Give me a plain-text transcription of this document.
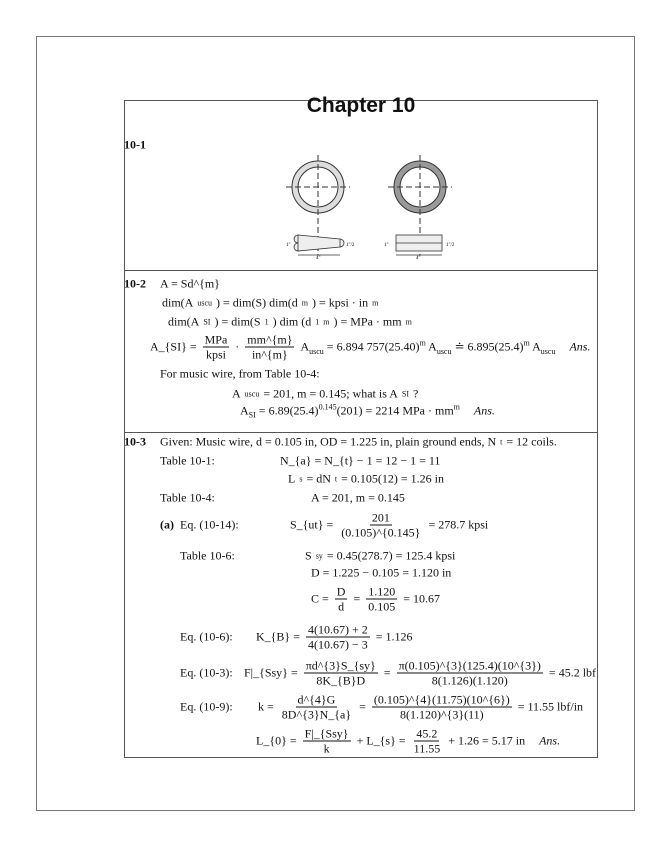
Chapter 10
10-1
1"	1"/2
4"
1"	1"/2
4"
10-2 A = Sd^{m}
dim(A uscu ) = dim(S) dim(d m ) = kpsi · in m
dim(A SI ) = dim(S 1 ) dim (d 1 m ) = MPa · mm m
A_{SI} = $\frac{\text{MPa}}{\text{kpsi}} \cdot \frac{mm\^{}\{m\}}{in\^{}\{m\}} A_{uscu} = 6.894$ $757(25.40)^m$ $A_{uscu}$ ≐ $6.895(25.4)^m$ $A_{uscu}$ Ans.
For music wire, from Table 10-4:
A uscu = 201, m = 0.145; what is A SI ?
$A_{SI} = 6.89(25.4)^{0.145}(201) = 2214$ MPa · $mm^m$ Ans.
10-3 Given: Music wire, d = 0.105 in, OD = 1.225 in, plain ground ends, N t = 12 coils.
Table 10-1:	N_{a} = N_{t} − 1 = 12 − 1 = 11
L s = dN t = 0.105(12) = 1.26 in
Table 10-4:	A = 201, m = 0.145
(a) Eq. (10-14):	S_{ut} = $\frac{201}{(0.105)\^{}\{0.145\}} = 278.7$ kpsi
Table 10-6:	S sy = 0.45(278.7) = 125.4 kpsi
D = 1.225 − 0.105 = 1.120 in
$C = \frac{D}{d} = \frac{1.120}{0.105} = 10.67$
Eq. (10-6): K_{B} = $\frac{4(10.67) + 2}{4(10.67) - 3} = 1.126$
Eq. (10-3): F|_{Ssy} = $\frac{\pi d\^{}\{3\}S\_\{sy\}}{8K\_\{B\}D} = \frac{\pi(0.105)\^{}\{3\}(125.4)(10\^{}\{3\})}{8(1.126)(1.120)} = 45.2$ lbf
Eq. (10-9): $k = \frac{d\^{}\{4\}G}{8D\^{}\{3\}N\_\{a\}} = \frac{(0.105)\^{}\{4\}(11.75)(10\^{}\{6\})}{8(1.120)\^{}\{3\}(11)} = 11.55$ lbf/in
L_{0} = $\frac{\text{F|\_\{Ssy\}}}{k}$ + L_{s} = $\frac{45.2}{11.55} + 1.26 = 5.17$ in Ans.
